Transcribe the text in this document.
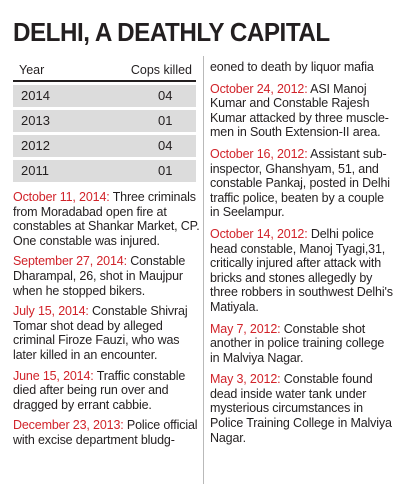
DELHI, A DEATHLY CAPITAL
Year	Cops killed
2014	04
2013	01
2012	04
2011	01

October 11, 2014: Three criminals from Moradabad open fire at constables at Shankar Market, CP. One constable was injured.

September 27, 2014: Constable Dharampal, 26, shot in Maujpur when he stopped bikers.

July 15, 2014: Constable Shivraj Tomar shot dead by alleged criminal Firoze Fauzi, who was later killed in an encounter.

June 15, 2014: Traffic constable died after being run over and dragged by errant cabbie.

December 23, 2013: Police official with excise department bludg-

eoned to death by liquor mafia

October 24, 2012: ASI Manoj Kumar and Constable Rajesh Kumar attacked by three muscle-men in South Extension-II area.

October 16, 2012: Assistant sub-inspector, Ghanshyam, 51, and constable Pankaj, posted in Delhi traffic police, beaten by a couple in Seelampur.

October 14, 2012: Delhi police head constable, Manoj Tyagi,31, critically injured after attack with bricks and stones allegedly by three robbers in southwest Delhi's Matiyala.

May 7, 2012: Constable shot another in police training college in Malviya Nagar.

May 3, 2012: Constable found dead inside water tank under mysterious circumstances in Police Training College in Malviya Nagar.
